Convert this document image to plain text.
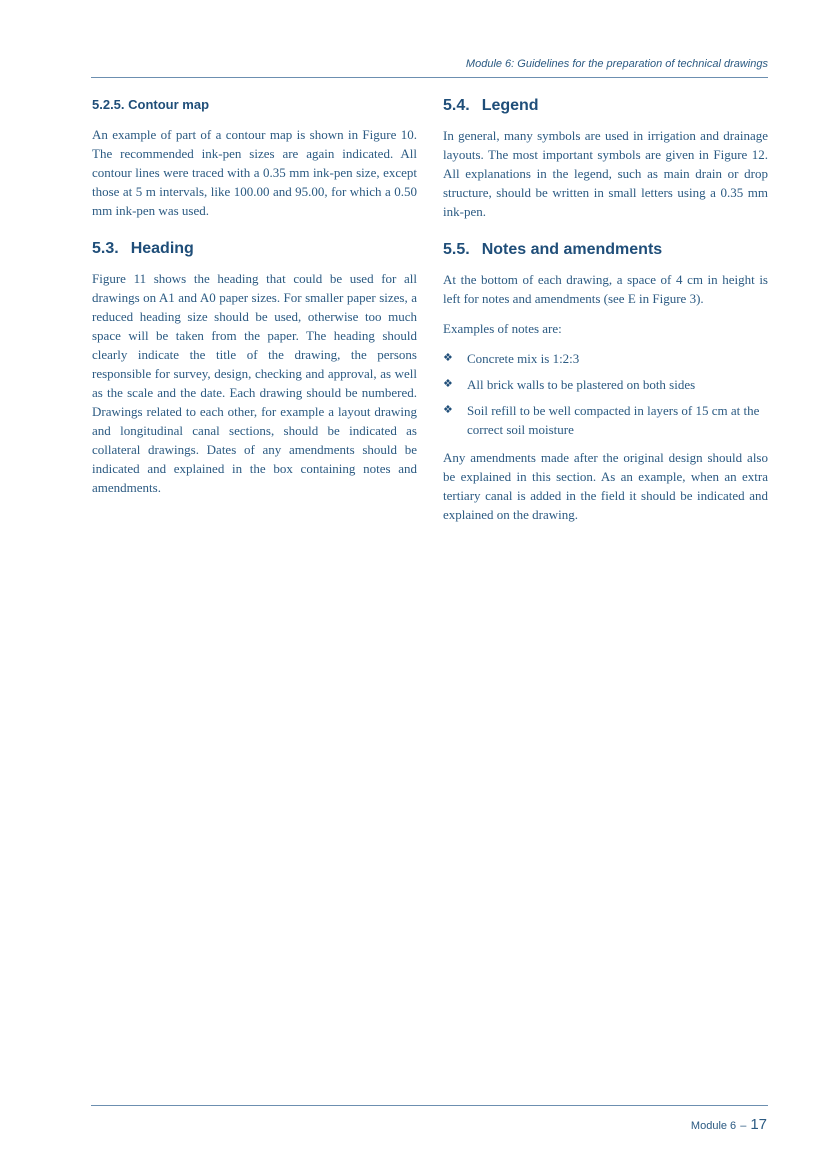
Module 6: Guidelines for the preparation of technical drawings
5.2.5. Contour map

An example of part of a contour map is shown in Figure 10. The recommended ink-pen sizes are again indicated. All contour lines were traced with a 0.35 mm ink-pen size, except those at 5 m intervals, like 100.00 and 95.00, for which a 0.50 mm ink-pen was used.

5.3. Heading

Figure 11 shows the heading that could be used for all drawings on A1 and A0 paper sizes. For smaller paper sizes, a reduced heading size should be used, otherwise too much space will be taken from the paper. The heading should clearly indicate the title of the drawing, the persons responsible for survey, design, checking and approval, as well as the scale and the date. Each drawing should be numbered. Drawings related to each other, for example a layout drawing and longitudinal canal sections, should be indicated as collateral drawings. Dates of any amendments should be indicated and explained in the box containing notes and amendments.

5.4. Legend

In general, many symbols are used in irrigation and drainage layouts. The most important symbols are given in Figure 12. All explanations in the legend, such as main drain or drop structure, should be written in small letters using a 0.35 mm ink-pen.

5.5. Notes and amendments

At the bottom of each drawing, a space of 4 cm in height is left for notes and amendments (see E in Figure 3).

Examples of notes are:

❖ Concrete mix is 1:2:3
❖ All brick walls to be plastered on both sides
❖ Soil refill to be well compacted in layers of 15 cm at the correct soil moisture

Any amendments made after the original design should also be explained in this section. As an example, when an extra tertiary canal is added in the field it should be indicated and explained on the drawing.

Module 6 – 17
